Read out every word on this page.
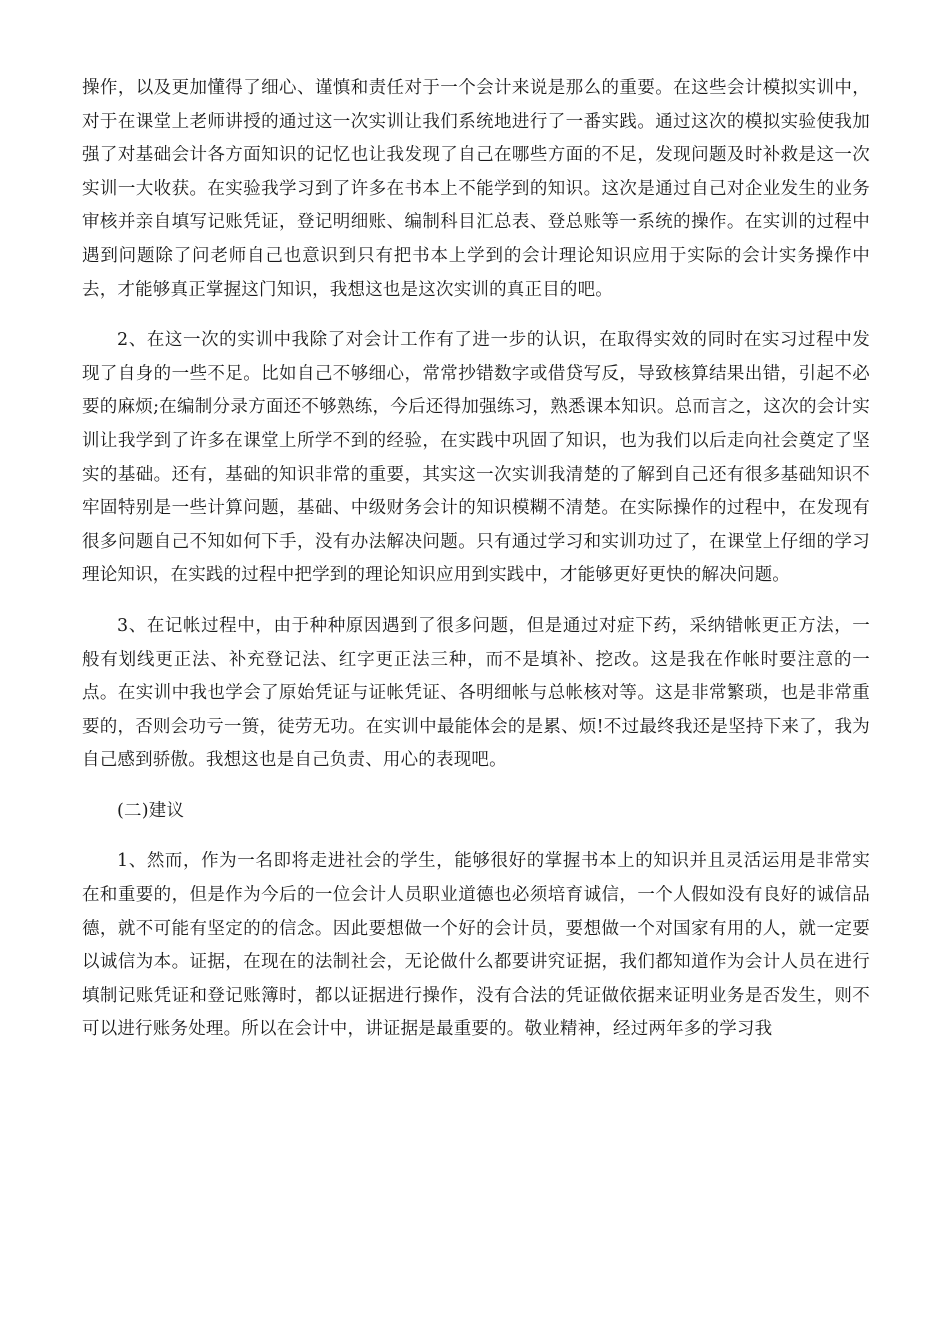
操作，以及更加懂得了细心、谨慎和责任对于一个会计来说是那么的重要。在这些会计模拟实训中，对于在课堂上老师讲授的通过这一次实训让我们系统地进行了一番实践。通过这次的模拟实验使我加强了对基础会计各方面知识的记忆也让我发现了自己在哪些方面的不足，发现问题及时补救是这一次实训一大收获。在实验我学习到了许多在书本上不能学到的知识。这次是通过自己对企业发生的业务审核并亲自填写记账凭证，登记明细账、编制科目汇总表、登总账等一系统的操作。在实训的过程中遇到问题除了问老师自己也意识到只有把书本上学到的会计理论知识应用于实际的会计实务操作中去，才能够真正掌握这门知识，我想这也是这次实训的真正目的吧。

2、在这一次的实训中我除了对会计工作有了进一步的认识，在取得实效的同时在实习过程中发现了自身的一些不足。比如自己不够细心，常常抄错数字或借贷写反，导致核算结果出错，引起不必要的麻烦;在编制分录方面还不够熟练，今后还得加强练习，熟悉课本知识。总而言之，这次的会计实训让我学到了许多在课堂上所学不到的经验，在实践中巩固了知识，也为我们以后走向社会奠定了坚实的基础。还有，基础的知识非常的重要，其实这一次实训我清楚的了解到自己还有很多基础知识不牢固特别是一些计算问题，基础、中级财务会计的知识模糊不清楚。在实际操作的过程中，在发现有很多问题自己不知如何下手，没有办法解决问题。只有通过学习和实训功过了，在课堂上仔细的学习理论知识，在实践的过程中把学到的理论知识应用到实践中，才能够更好更快的解决问题。

3、在记帐过程中，由于种种原因遇到了很多问题，但是通过对症下药，采纳错帐更正方法，一般有划线更正法、补充登记法、红字更正法三种，而不是填补、挖改。这是我在作帐时要注意的一点。在实训中我也学会了原始凭证与证帐凭证、各明细帐与总帐核对等。这是非常繁琐，也是非常重要的，否则会功亏一篑，徒劳无功。在实训中最能体会的是累、烦!不过最终我还是坚持下来了，我为自己感到骄傲。我想这也是自己负责、用心的表现吧。

(二)建议

1、然而，作为一名即将走进社会的学生，能够很好的掌握书本上的知识并且灵活运用是非常实在和重要的，但是作为今后的一位会计人员职业道德也必须培育诚信，一个人假如没有良好的诚信品德，就不可能有坚定的的信念。因此要想做一个好的会计员，要想做一个对国家有用的人，就一定要以诚信为本。证据，在现在的法制社会，无论做什么都要讲究证据，我们都知道作为会计人员在进行填制记账凭证和登记账簿时，都以证据进行操作，没有合法的凭证做依据来证明业务是否发生，则不可以进行账务处理。所以在会计中，讲证据是最重要的。敬业精神，经过两年多的学习我
